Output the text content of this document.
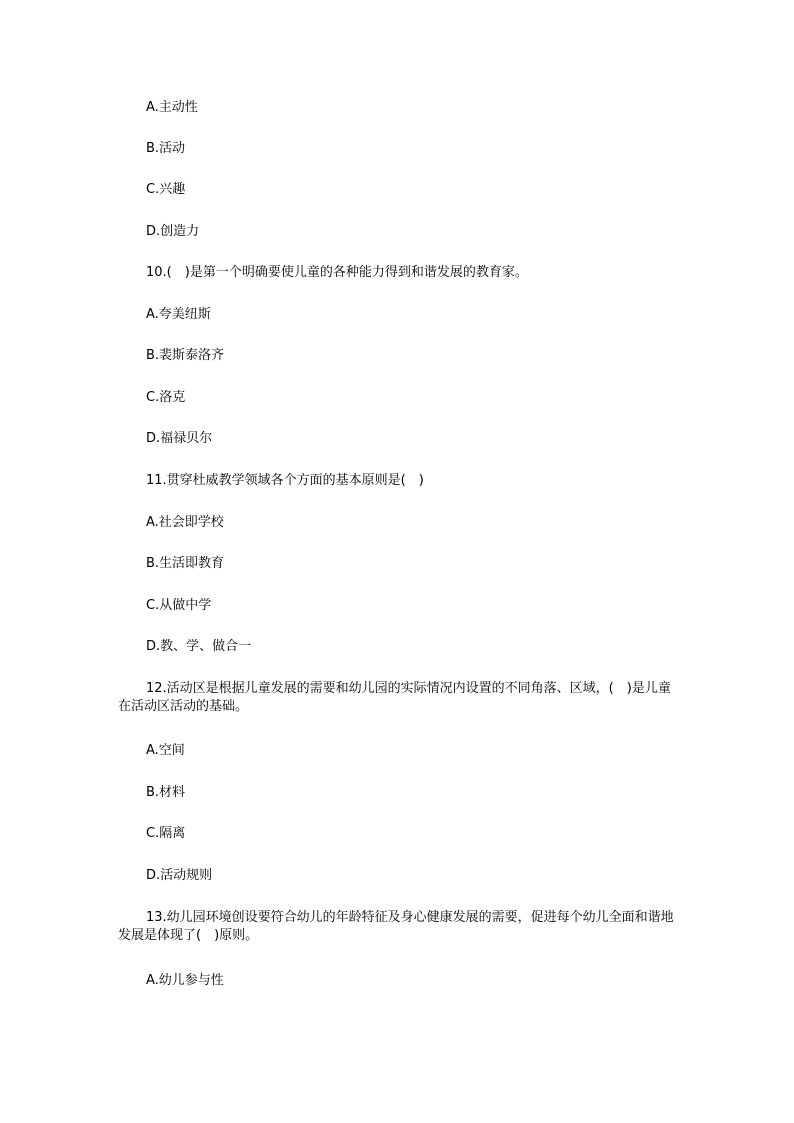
A.主动性
B.活动
C.兴趣
D.创造力
10.(　)是第一个明确要使儿童的各种能力得到和谐发展的教育家。
A.夸美纽斯
B.裴斯泰洛齐
C.洛克
D.福禄贝尔
11.贯穿杜威教学领域各个方面的基本原则是(　)
A.社会即学校
B.生活即教育
C.从做中学
D.教、学、做合一
12.活动区是根据儿童发展的需要和幼儿园的实际情况内设置的不同角落、区域，(　)是儿童在活动区活动的基础。
A.空间
B.材料
C.隔离
D.活动规则
13.幼儿园环境创设要符合幼儿的年龄特征及身心健康发展的需要，促进每个幼儿全面和谐地发展是体现了(　)原则。
A.幼儿参与性
